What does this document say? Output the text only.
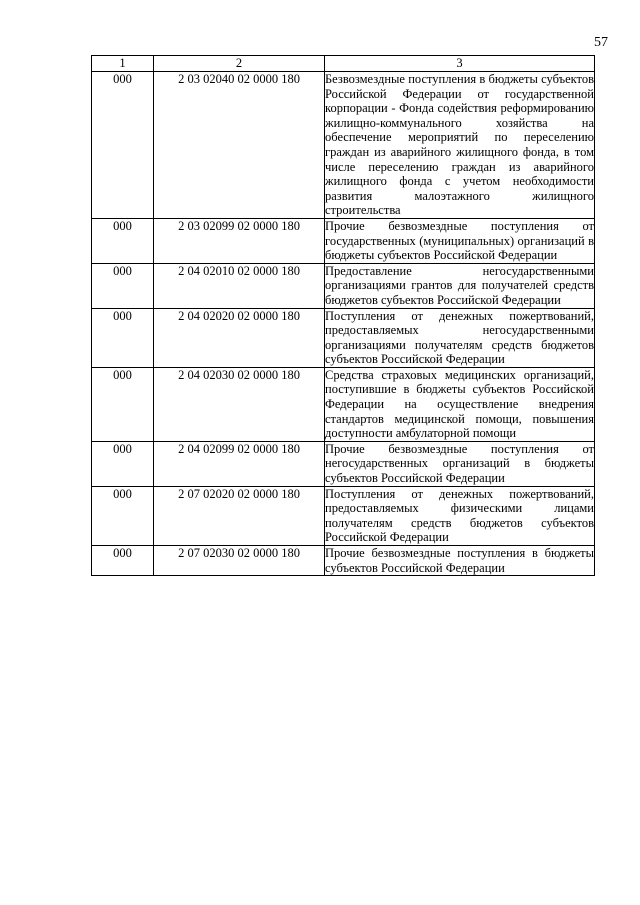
57
1	2	3
000	2 03 02040 02 0000 180	Безвозмездные поступления в бюджеты субъектов Российской Федерации от государственной корпорации - Фонда содействия реформированию жилищно-коммунального хозяйства на обеспечение мероприятий по переселению граждан из аварийного жилищного фонда, в том числе переселению граждан из аварийного жилищного фонда с учетом необходимости развития малоэтажного жилищного строительства
000	2 03 02099 02 0000 180	Прочие безвозмездные поступления от государственных (муниципальных) организаций в бюджеты субъектов Российской Федерации
000	2 04 02010 02 0000 180	Предоставление негосударственными организациями грантов для получателей средств бюджетов субъектов Российской Федерации
000	2 04 02020 02 0000 180	Поступления от денежных пожертвований, предоставляемых негосударственными организациями получателям средств бюджетов субъектов Российской Федерации
000	2 04 02030 02 0000 180	Средства страховых медицинских организаций, поступившие в бюджеты субъектов Российской Федерации на осуществление внедрения стандартов медицинской помощи, повышения доступности амбулаторной помощи
000	2 04 02099 02 0000 180	Прочие безвозмездные поступления от негосударственных организаций в бюджеты субъектов Российской Федерации
000	2 07 02020 02 0000 180	Поступления от денежных пожертвований, предоставляемых физическими лицами получателям средств бюджетов субъектов Российской Федерации
000	2 07 02030 02 0000 180	Прочие безвозмездные поступления в бюджеты субъектов Российской Федерации
